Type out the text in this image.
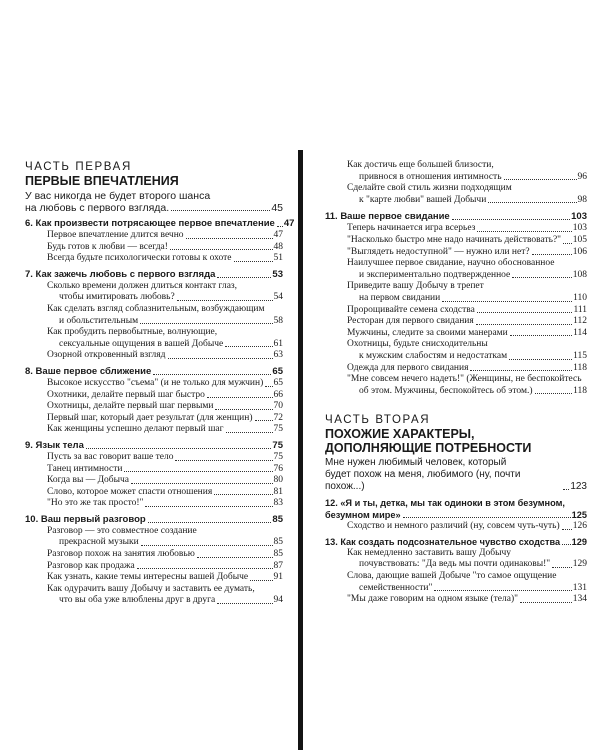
ЧАСТЬ ПЕРВАЯ
ПЕРВЫЕ ВПЕЧАТЛЕНИЯ
У вас никогда не будет второго шанса
на любовь с первого взгляда.	45
6. Как произвести потрясающее первое впечатление 47
Первое впечатление длится вечно	47
Будь готов к любви — всегда!	48
Всегда будьте психологически готовы к охоте	51
7. Как зажечь любовь с первого взгляда	53
Сколько времени должен длиться контакт глаз,
чтобы имитировать любовь?	54
Как сделать взгляд соблазнительным, возбуждающим
и обольстительным	58
Как пробудить первобытные, волнующие,
сексуальные ощущения в вашей Добыче	61
Озорной откровенный взгляд	63
8. Ваше первое сближение	65
Высокое искусство "съема" (и не только для мужчин) 65
Охотники, делайте первый шаг быстро	66
Охотницы, делайте первый шаг первыми	70
Первый шаг, который дает результат (для женщин) 72
Как женщины успешно делают первый шаг	75
9. Язык тела	75
Пусть за вас говорит ваше тело	75
Танец интимности	76
Когда вы — Добыча	80
Слово, которое может спасти отношения	81
"Но это же так просто!"	83
10. Ваш первый разговор	85
Разговор — это совместное создание
прекрасной музыки	85
Разговор похож на занятия любовью	85
Разговор как продажа	87
Как узнать, какие темы интересны вашей Добыче	91
Как одурачить вашу Добычу и заставить ее думать,
что вы оба уже влюблены друг в друга	94
Как достичь еще большей близости,
привнося в отношения интимность	96
Сделайте свой стиль жизни подходящим
к "карте любви" вашей Добычи	98
11. Ваше первое свидание	103
Теперь начинается игра всерьез	103
"Насколько быстро мне надо начинать действовать?" 105
"Выглядеть недоступной" — нужно или нет?	106
Наилучшее первое свидание, научно обоснованное
и экспериментально подтвержденное	108
Приведите вашу Добычу в трепет
на первом свидании	110
Пророщивайте семена сходства	111
Ресторан для первого свидания	112
Мужчины, следите за своими манерами	114
Охотницы, будьте снисходительны
к мужским слабостям и недостаткам	115
Одежда для первого свидания	118
"Мне совсем нечего надеть!" (Женщины, не беспокойтесь
об этом. Мужчины, беспокойтесь об этом.)	118
ЧАСТЬ ВТОРАЯ
ПОХОЖИЕ ХАРАКТЕРЫ,
ДОПОЛНЯЮЩИЕ ПОТРЕБНОСТИ
Мне нужен любимый человек, который
будет похож на меня, любимого (ну, почти похож...)	123
12. «Я и ты, детка, мы так одиноки в этом безумном,
безумном мире»	125
Сходство и немного различий (ну, совсем чуть-чуть) 126
13. Как создать подсознательное чувство сходства 129
Как немедленно заставить вашу Добычу
почувствовать: "Да ведь мы почти одинаковы!" 129
Слова, дающие вашей Добыче "то самое ощущение
семейственности"	131
"Мы даже говорим на одном языке (тела)"	134
